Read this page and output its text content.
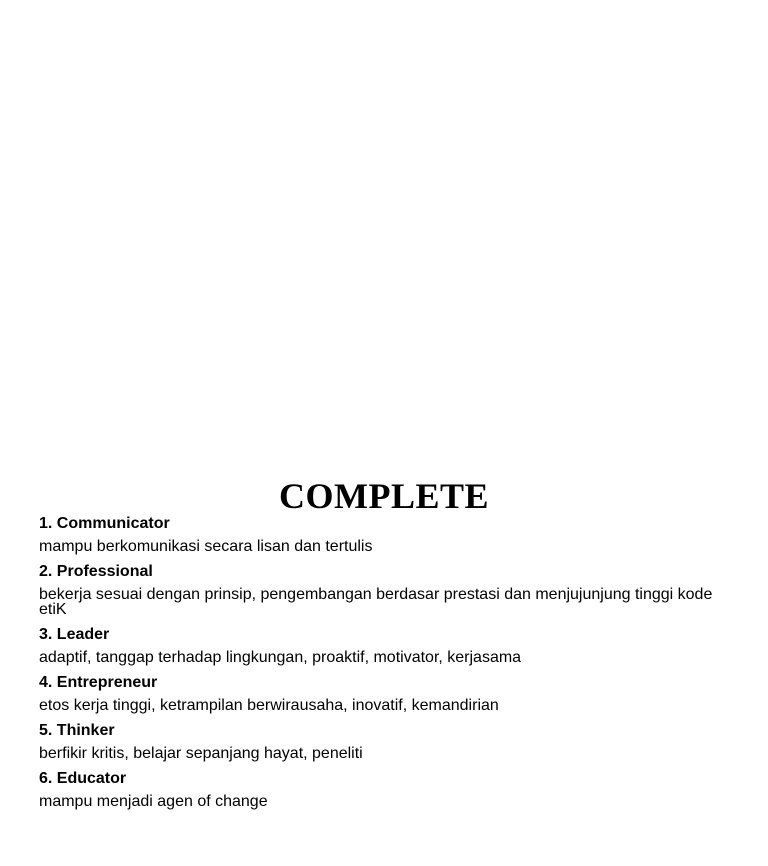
COMPLETE
1. Communicator
mampu berkomunikasi secara lisan dan tertulis
2. Professional
bekerja sesuai dengan prinsip, pengembangan berdasar prestasi dan menjujunjung tinggi kode etiK
3. Leader
adaptif, tanggap terhadap lingkungan, proaktif, motivator, kerjasama
4. Entrepreneur
etos kerja tinggi, ketrampilan berwirausaha, inovatif, kemandirian
5. Thinker
berfikir kritis, belajar sepanjang hayat, peneliti
6. Educator
mampu menjadi agen of change
